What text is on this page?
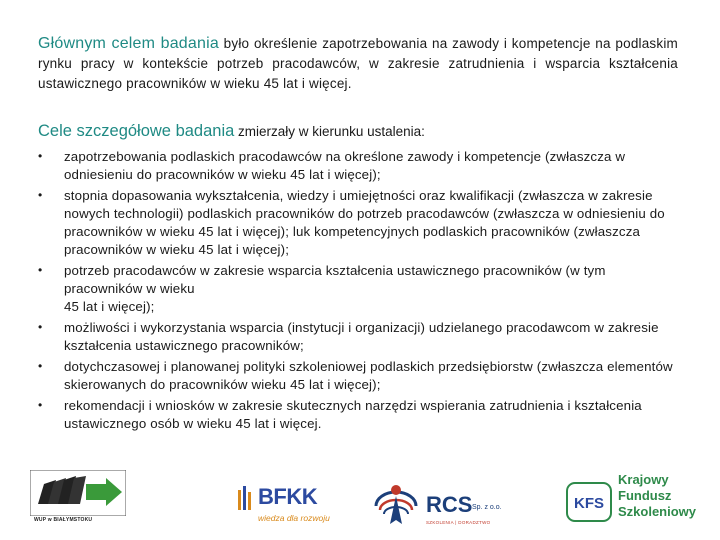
Głównym celem badania było określenie zapotrzebowania na zawody i kompetencje na podlaskim rynku pracy w kontekście potrzeb pracodawców, w zakresie zatrudnienia i wsparcia kształcenia ustawicznego pracowników w wieku 45 lat i więcej.

Cele szczegółowe badania zmierzały w kierunku ustalenia:
• zapotrzebowania podlaskich pracodawców na określone zawody i kompetencje (zwłaszcza w odniesieniu do pracowników w wieku 45 lat i więcej);
• stopnia dopasowania wykształcenia, wiedzy i umiejętności oraz kwalifikacji (zwłaszcza w zakresie nowych technologii) podlaskich pracowników do potrzeb pracodawców (zwłaszcza w odniesieniu do pracowników w wieku 45 lat i więcej); luk kompetencyjnych podlaskich pracowników (zwłaszcza pracowników w wieku 45 lat i więcej);
• potrzeb pracodawców w zakresie wsparcia kształcenia ustawicznego pracowników (w tym pracowników w wieku
45 lat i więcej);
• możliwości i wykorzystania wsparcia (instytucji i organizacji) udzielanego pracodawcom w zakresie kształcenia ustawicznego pracowników;
• dotychczasowej i planowanej polityki szkoleniowej podlaskich przedsiębiorstw (zwłaszcza elementów skierowanych do pracowników wieku 45 lat i więcej);
• rekomendacji i wniosków w zakresie skutecznych narzędzi wspierania zatrudnienia i kształcenia ustawicznego osób w wieku 45 lat i więcej.
WUP w BIAŁYMSTOKU
BFKK
wiedza dla rozwoju
RCS Sp. z o.o.
SZKOLENIA | DORADZTWO
KFS
Krajowy
Fundusz
Szkoleniowy
